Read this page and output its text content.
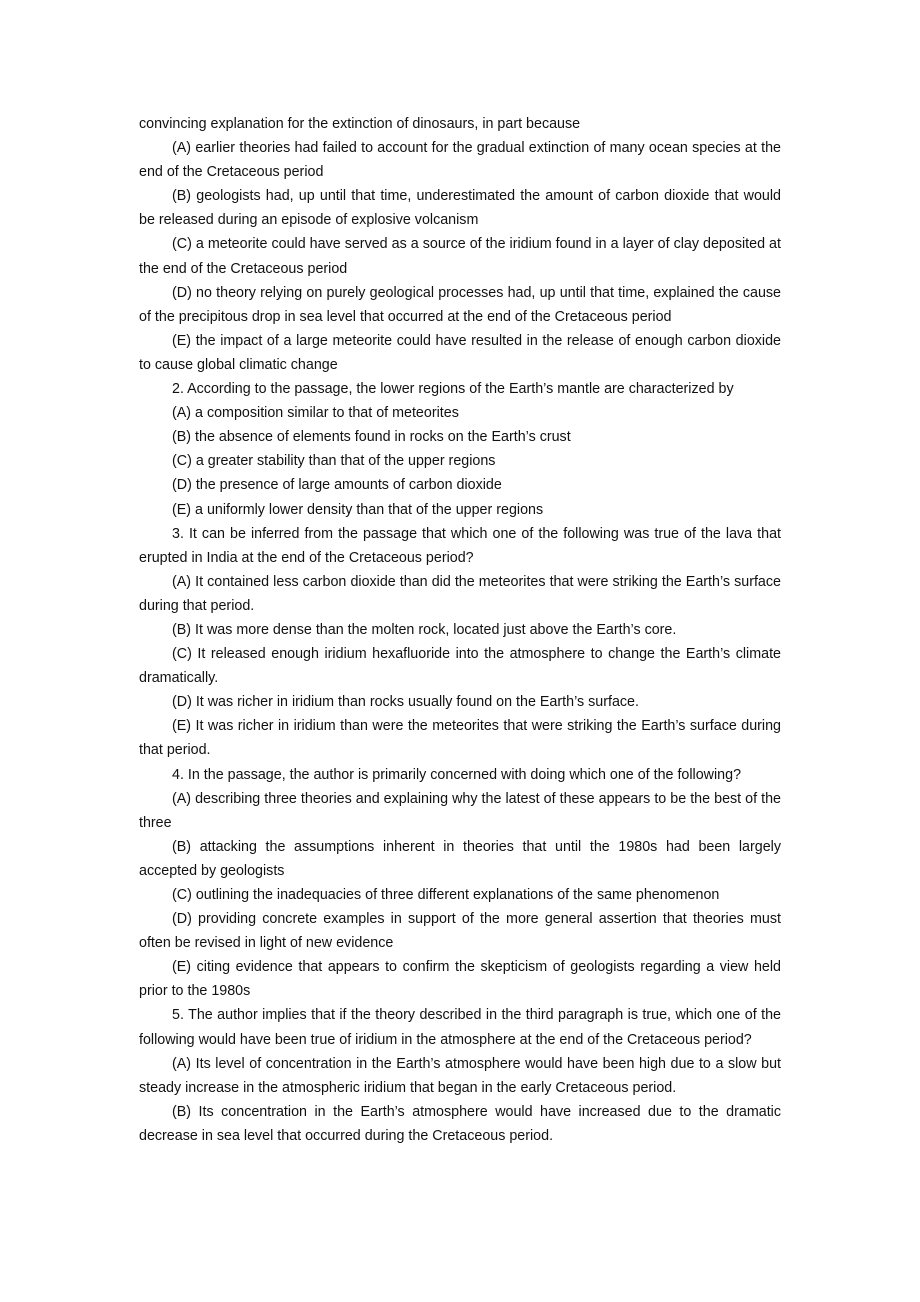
convincing explanation for the extinction of dinosaurs, in part because

(A) earlier theories had failed to account for the gradual extinction of many ocean species at the end of the Cretaceous period

(B) geologists had, up until that time, underestimated the amount of carbon dioxide that would be released during an episode of explosive volcanism

(C) a meteorite could have served as a source of the iridium found in a layer of clay deposited at the end of the Cretaceous period

(D) no theory relying on purely geological processes had, up until that time, explained the cause of the precipitous drop in sea level that occurred at the end of the Cretaceous period

(E) the impact of a large meteorite could have resulted in the release of enough carbon dioxide to cause global climatic change

2. According to the passage, the lower regions of the Earth’s mantle are characterized by

(A) a composition similar to that of meteorites

(B) the absence of elements found in rocks on the Earth’s crust

(C) a greater stability than that of the upper regions

(D) the presence of large amounts of carbon dioxide

(E) a uniformly lower density than that of the upper regions

3. It can be inferred from the passage that which one of the following was true of the lava that erupted in India at the end of the Cretaceous period?

(A) It contained less carbon dioxide than did the meteorites that were striking the Earth’s surface during that period.

(B) It was more dense than the molten rock, located just above the Earth’s core.

(C) It released enough iridium hexafluoride into the atmosphere to change the Earth’s climate dramatically.

(D) It was richer in iridium than rocks usually found on the Earth’s surface.

(E) It was richer in iridium than were the meteorites that were striking the Earth’s surface during that period.

4. In the passage, the author is primarily concerned with doing which one of the following?

(A) describing three theories and explaining why the latest of these appears to be the best of the three

(B) attacking the assumptions inherent in theories that until the 1980s had been largely accepted by geologists

(C) outlining the inadequacies of three different explanations of the same phenomenon

(D) providing concrete examples in support of the more general assertion that theories must often be revised in light of new evidence

(E) citing evidence that appears to confirm the skepticism of geologists regarding a view held prior to the 1980s

5. The author implies that if the theory described in the third paragraph is true, which one of the following would have been true of iridium in the atmosphere at the end of the Cretaceous period?

(A) Its level of concentration in the Earth’s atmosphere would have been high due to a slow but steady increase in the atmospheric iridium that began in the early Cretaceous period.

(B) Its concentration in the Earth’s atmosphere would have increased due to the dramatic decrease in sea level that occurred during the Cretaceous period.
